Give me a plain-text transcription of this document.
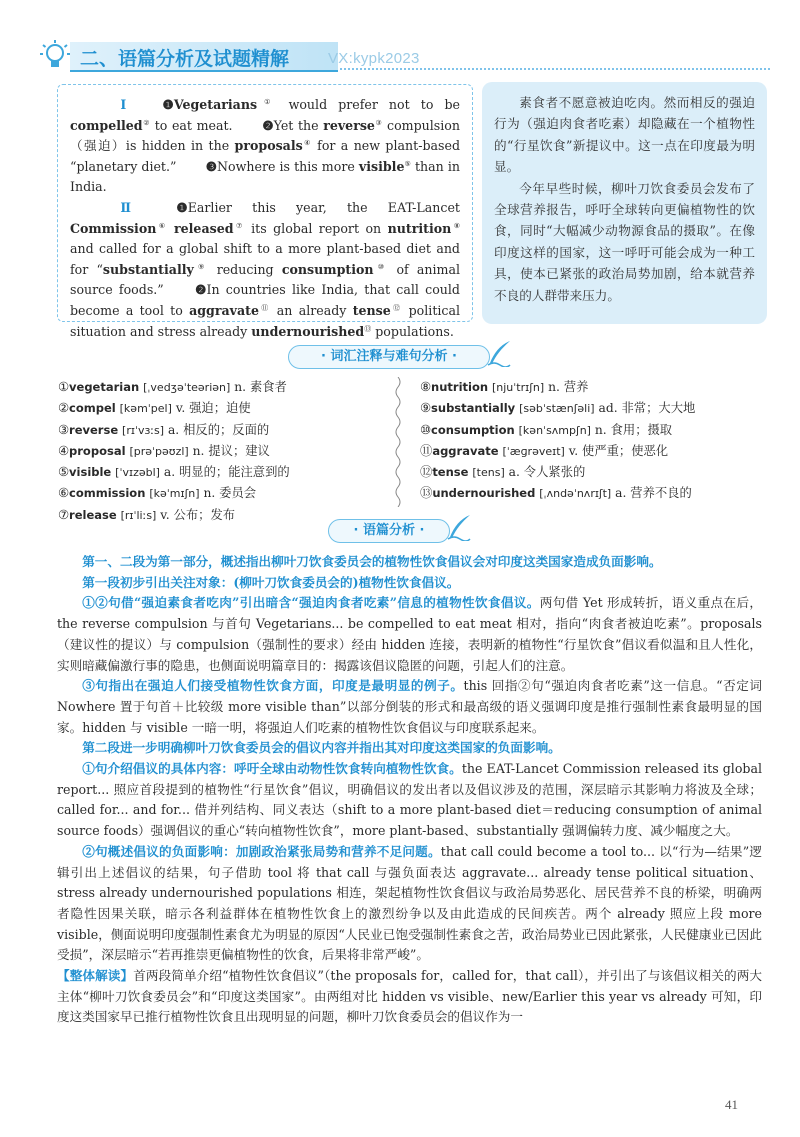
二、语篇分析及试题精解	VX:kypk2023

Ⅰ	❶Vegetarians① would prefer not to be compelled② to eat meat. ❷Yet the reverse③ compulsion（强迫）is hidden in the proposals④ for a new plant-based “planetary diet.” ❸Nowhere is this more visible⑤ than in India.

Ⅱ	❶Earlier this year, the EAT-Lancet Commission⑥ released⑦ its global report on nutrition⑧ and called for a global shift to a more plant-based diet and for “substantially⑨ reducing consumption⑩ of animal source foods.” ❷In countries like India, that call could become a tool to aggravate⑪ an already tense⑫ political situation and stress already undernourished⑬ populations.

素食者不愿意被迫吃肉。然而相反的强迫行为（强迫肉食者吃素）却隐藏在一个植物性的“行星饮食”新提议中。这一点在印度最为明显。

今年早些时候，柳叶刀饮食委员会发布了全球营养报告，呼吁全球转向更偏植物性的饮食，同时“大幅减少动物源食品的摄取”。在像印度这样的国家，这一呼吁可能会成为一种工具，使本已紧张的政治局势加剧，给本就营养不良的人群带来压力。

· 词汇注释与难句分析 ·
①vegetarian [ˌvedʒəˈteəriən] n. 素食者
②compel [kəmˈpel] v. 强迫；迫使
③reverse [rɪˈvɜːs] a. 相反的；反面的
④proposal [prəˈpəʊzl] n. 提议；建议
⑤visible [ˈvɪzəbl] a. 明显的；能注意到的
⑥commission [kəˈmɪʃn] n. 委员会
⑦release [rɪˈliːs] v. 公布；发布
⑧nutrition [njuˈtrɪʃn] n. 营养
⑨substantially [səbˈstænʃəli] ad. 非常；大大地
⑩consumption [kənˈsʌmpʃn] n. 食用；摄取
⑪aggravate [ˈæɡrəveɪt] v. 使严重；使恶化
⑫tense [tens] a. 令人紧张的
⑬undernourished [ˌʌndəˈnʌrɪʃt] a. 营养不良的
· 语篇分析 ·

第一、二段为第一部分，概述指出柳叶刀饮食委员会的植物性饮食倡议会对印度这类国家造成负面影响。

第一段初步引出关注对象：(柳叶刀饮食委员会的)植物性饮食倡议。

①②句借“强迫素食者吃肉”引出暗含“强迫肉食者吃素”信息的植物性饮食倡议。两句借 Yet 形成转折，语义重点在后，the reverse compulsion 与首句 Vegetarians... be compelled to eat meat 相对，指向“肉食者被迫吃素”。proposals（建议性的提议）与 compulsion（强制性的要求）经由 hidden 连接，表明新的植物性“行星饮食”倡议看似温和且人性化，实则暗藏偏激行事的隐患，也侧面说明篇章目的：揭露该倡议隐匿的问题，引起人们的注意。

③句指出在强迫人们接受植物性饮食方面，印度是最明显的例子。this 回指②句“强迫肉食者吃素”这一信息。“否定词 Nowhere 置于句首＋比较级 more visible than”以部分倒装的形式和最高级的语义强调印度是推行强制性素食最明显的国家。hidden 与 visible 一暗一明，将强迫人们吃素的植物性饮食倡议与印度联系起来。

第二段进一步明确柳叶刀饮食委员会的倡议内容并指出其对印度这类国家的负面影响。

①句介绍倡议的具体内容：呼吁全球由动物性饮食转向植物性饮食。the EAT-Lancet Commission released its global report... 照应首段提到的植物性“行星饮食”倡议，明确倡议的发出者以及倡议涉及的范围，深层暗示其影响力将波及全球；called for... and for... 借并列结构、同义表达（shift to a more plant-based diet＝reducing consumption of animal source foods）强调倡议的重心“转向植物性饮食”，more plant-based、substantially 强调偏转力度、减少幅度之大。

②句概述倡议的负面影响：加剧政治紧张局势和营养不足问题。that call could become a tool to... 以“行为—结果”逻辑引出上述倡议的结果，句子借助 tool 将 that call 与强负面表达 aggravate... already tense political situation、stress already undernourished populations 相连，架起植物性饮食倡议与政治局势恶化、居民营养不良的桥梁，明确两者隐性因果关联，暗示各利益群体在植物性饮食上的激烈纷争以及由此造成的民间疾苦。两个 already 照应上段 more visible，侧面说明印度强制性素食尤为明显的原因“人民业已饱受强制性素食之苦，政治局势业已因此紧张，人民健康业已因此受损”，深层暗示“若再推崇更偏植物性的饮食，后果将非常严峻”。

【整体解读】首两段简单介绍“植物性饮食倡议”（the proposals for，called for，that call），并引出了与该倡议相关的两大主体“柳叶刀饮食委员会”和“印度这类国家”。由两组对比 hidden vs visible、new/Earlier this year vs already 可知，印度这类国家早已推行植物性饮食且出现明显的问题，柳叶刀饮食委员会的倡议作为一

41
